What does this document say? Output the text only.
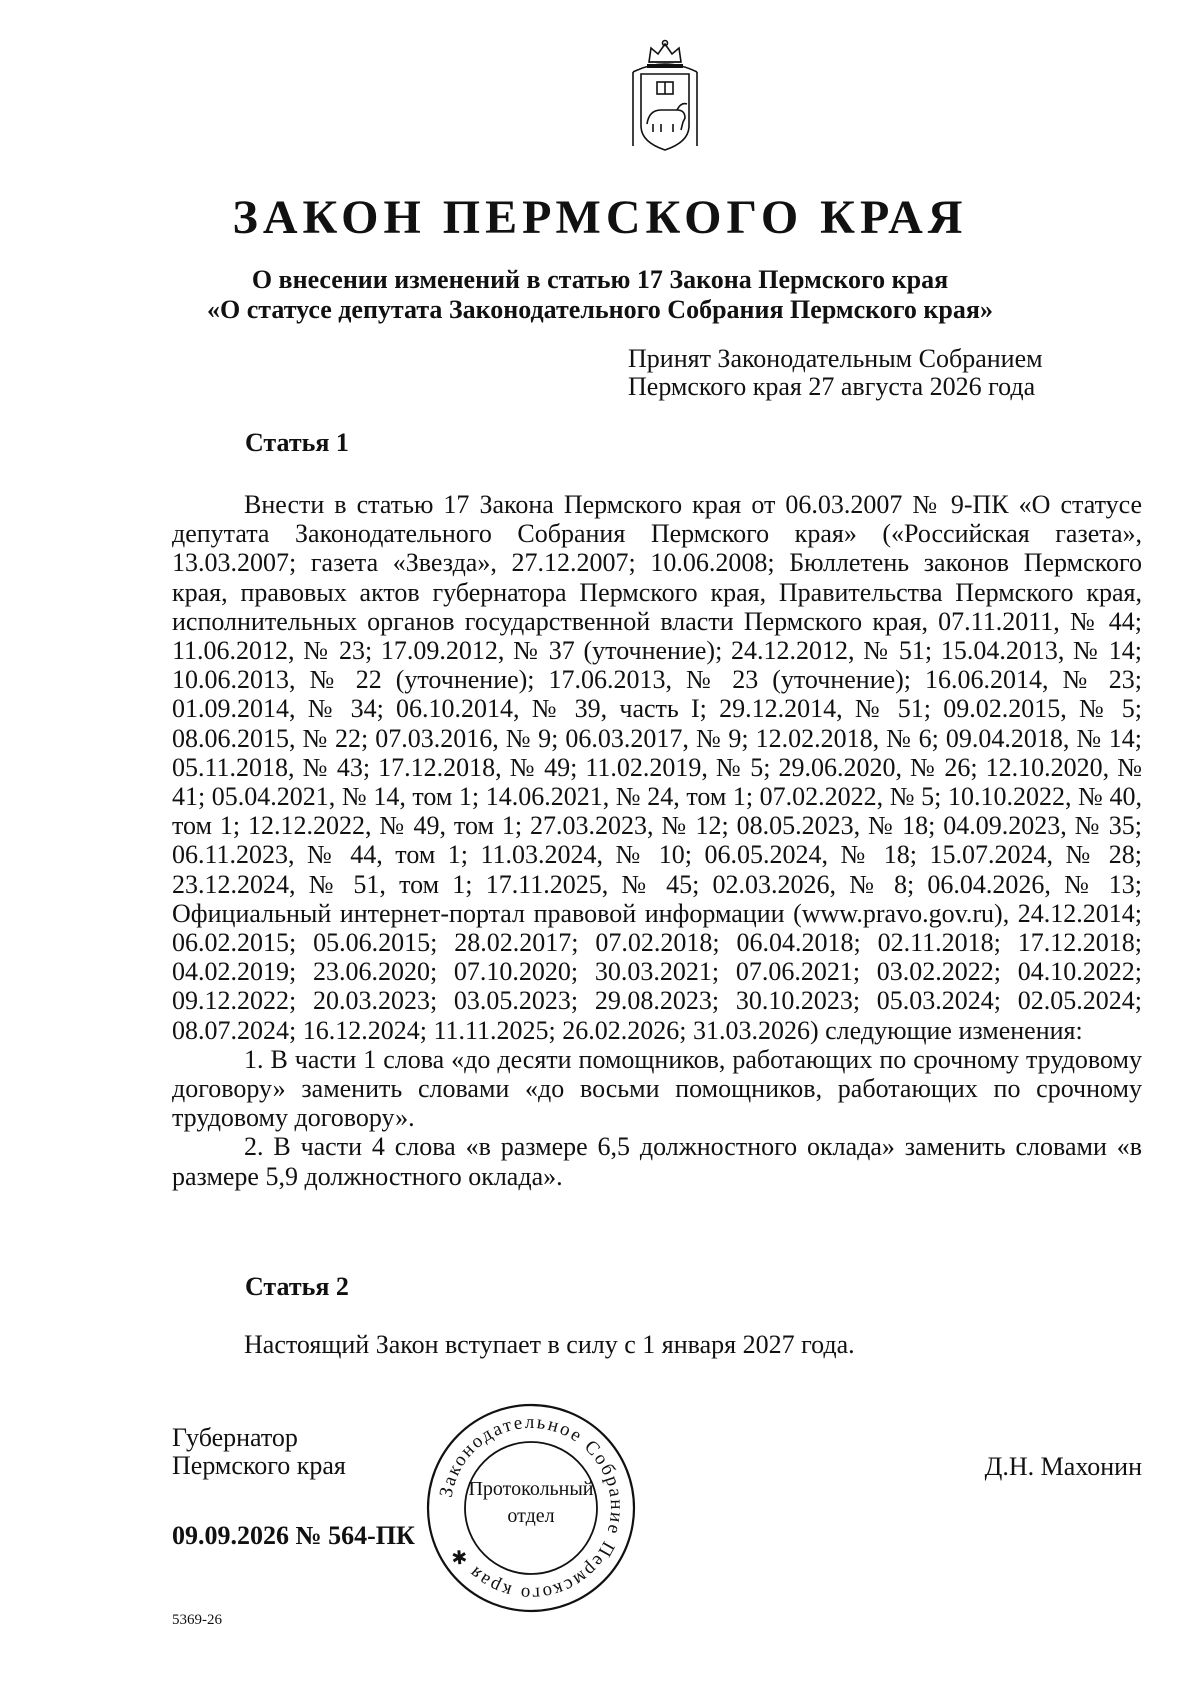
ЗАКОН ПЕРМСКОГО КРАЯ
О внесении изменений в статью 17 Закона Пермского края
«О статусе депутата Законодательного Собрания Пермского края»
Принят Законодательным Собранием
Пермского края 27 августа 2026 года
Статья 1

Внести в статью 17 Закона Пермского края от 06.03.2007 № 9-ПК «О статусе депутата Законодательного Собрания Пермского края» («Российская газета», 13.03.2007; газета «Звезда», 27.12.2007; 10.06.2008; Бюллетень законов Пермского края, правовых актов губернатора Пермского края, Правительства Пермского края, исполнительных органов государственной власти Пермского края, 07.11.2011, № 44; 11.06.2012, № 23; 17.09.2012, № 37 (уточнение); 24.12.2012, № 51; 15.04.2013, № 14; 10.06.2013, № 22 (уточнение); 17.06.2013, № 23 (уточнение); 16.06.2014, № 23; 01.09.2014, № 34; 06.10.2014, № 39, часть I; 29.12.2014, № 51; 09.02.2015, № 5; 08.06.2015, № 22; 07.03.2016, № 9; 06.03.2017, № 9; 12.02.2018, № 6; 09.04.2018, № 14; 05.11.2018, № 43; 17.12.2018, № 49; 11.02.2019, № 5; 29.06.2020, № 26; 12.10.2020, № 41; 05.04.2021, № 14, том 1; 14.06.2021, № 24, том 1; 07.02.2022, № 5; 10.10.2022, № 40, том 1; 12.12.2022, № 49, том 1; 27.03.2023, № 12; 08.05.2023, № 18; 04.09.2023, № 35; 06.11.2023, № 44, том 1; 11.03.2024, № 10; 06.05.2024, № 18; 15.07.2024, № 28; 23.12.2024, № 51, том 1; 17.11.2025, № 45; 02.03.2026, № 8; 06.04.2026, № 13; Официальный интернет-портал правовой информации (www.pravo.gov.ru), 24.12.2014; 06.02.2015; 05.06.2015; 28.02.2017; 07.02.2018; 06.04.2018; 02.11.2018; 17.12.2018; 04.02.2019; 23.06.2020; 07.10.2020; 30.03.2021; 07.06.2021; 03.02.2022; 04.10.2022; 09.12.2022; 20.03.2023; 03.05.2023; 29.08.2023; 30.10.2023; 05.03.2024; 02.05.2024; 08.07.2024; 16.12.2024; 11.11.2025; 26.02.2026; 31.03.2026) следующие изменения:

1. В части 1 слова «до десяти помощников, работающих по срочному трудовому договору» заменить словами «до восьми помощников, работающих по срочному трудовому договору».

2. В части 4 слова «в размере 6,5 должностного оклада» заменить словами «в размере 5,9 должностного оклада».

Статья 2

Настоящий Закон вступает в силу с 1 января 2027 года.

Губернатор
Пермского края	Д.Н. Махонин
09.09.2026 № 564-ПК
5369-26
Законодательное Собрание Пермского края ✱
Протокольный
отдел
